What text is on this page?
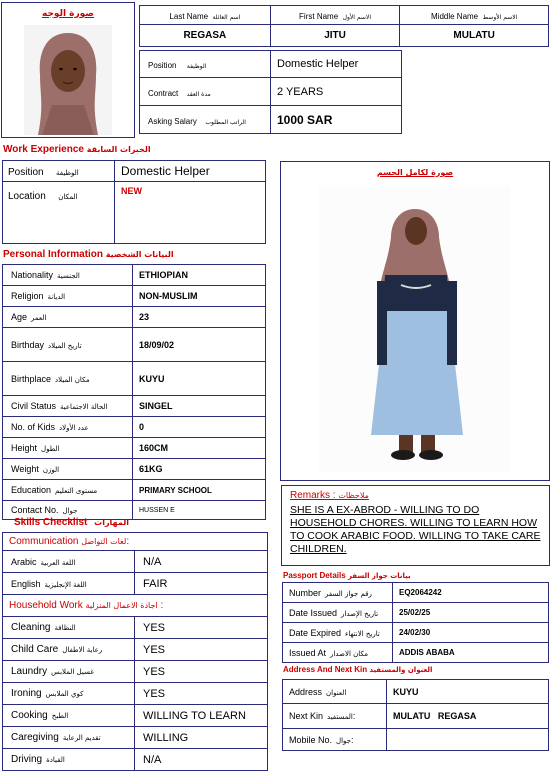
صورة الوجه	Last Name اسم العائلة	First Name الاسم الأول	Middle Name الاسم الأوسط
REGASA	JITU	MULATU
Position الوظيفة	Domestic Helper
Contract مدة العقد	2 YEARS
Asking Salary الراتب المطلوب	1000 SAR
Work Experience الخبرات السابقة
Position الوظيفة	Domestic Helper
Location المكان	NEW
صورة لكامل الجسم
Personal Information البيانات الشخصية
Nationality الجنسية	ETHIOPIAN
Religion الديانة	NON-MUSLIM
Age العمر	23
Birthday تاريخ الميلاد	18/09/02
Birthplace مكان الميلاد	KUYU
Civil Status الحالة الاجتماعية	SINGEL
No. of Kids عدد الأولاد	0
Height الطول	160CM
Weight الوزن	61KG
Education مستوى التعليم	PRIMARY SCHOOL
Contact No. جوال	HUSSEN E
Remarks : ملاحظات
SHE IS A EX-ABROD - WILLING TO DO HOUSEHOLD CHORES. WILLING TO LEARN HOW TO COOK ARABIC FOOD. WILLING TO TAKE CARE CHILDREN.
Skills Checklist المهارات
Communication لغات التواصل:	
Arabic اللغة العربية	N/A
English اللغة الإنجليزية	FAIR
Household Work اجادة الاعمال المنزلية :	
Cleaning النظافة	YES
Child Care رعاية الاطفال	YES
Laundry غسيل الملابس	YES
Ironing كوي الملابس	YES
Cooking الطبخ	WILLING TO LEARN
Caregiving تقديم الرعاية	WILLING
Driving القيادة	N/A
Passport Details بيانات جواز السفر
Number رقم جواز السفر	EQ2064242
Date Issued تاريخ الإصدار	25/02/25
Date Expired تاريخ الانتهاء	24/02/30
Issued At مكان الاصدار	ADDIS ABABA
Address And Next Kin العنوان والمستفيد
Address العنوان	KUYU
Next Kin المستفيد:	MULATU   REGASA
Mobile No. جوال:	
